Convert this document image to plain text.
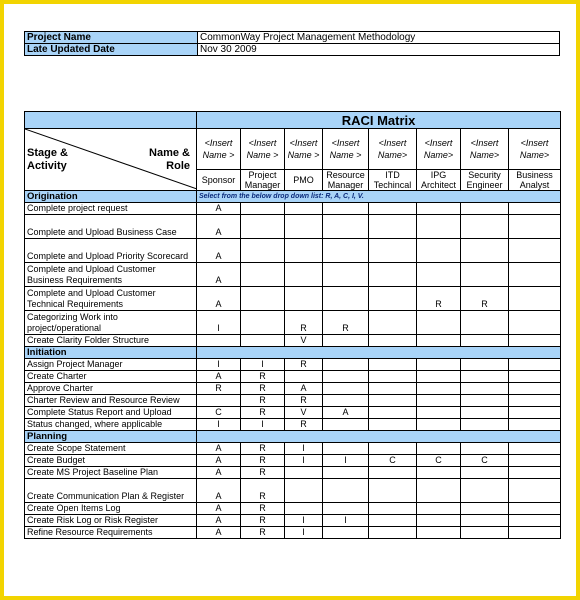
Project Name	CommonWay Project Management Methodology
Late Updated Date	Nov 30 2009
	RACI Matrix							

Stage &
Activity
Name &
Role	<Insert Name >	<Insert Name >	<Insert Name >	<Insert Name >	<Insert Name>	<Insert Name>	<Insert Name>	<Insert Name>
	Sponsor	Project Manager	PMO	Resource Manager	ITD Techincal	IPG Architect	Security Engineer	Business Analyst
Origination	Select from the below drop down list: R, A, C, I, V.							
Complete project request	A							
Complete and Upload Business Case	A							
Complete and Upload Priority Scorecard	A							
Complete and Upload Customer Business Requirements	A							
Complete and Upload Customer Technical Requirements	A					R	R	
Categorizing Work into project/operational	I		R	R				
Create Clarity Folder Structure			V					
Initiation								
Assign Project Manager	I	I	R					
Create Charter	A	R						
Approve Charter	R	R	A					
Charter Review and Resource Review		R	R					
Complete Status Report and Upload	C	R	V	A				
Status changed, where applicable	I	I	R					
Planning								
Create Scope Statement	A	R	I					
Create Budget	A	R	I	I	C	C	C	
Create MS Project Baseline Plan	A	R						
Create Communication Plan & Register	A	R						
Create Open Items Log	A	R						
Create Risk Log or Risk Register	A	R	I	I				
Refine Resource Requirements	A	R	I					
